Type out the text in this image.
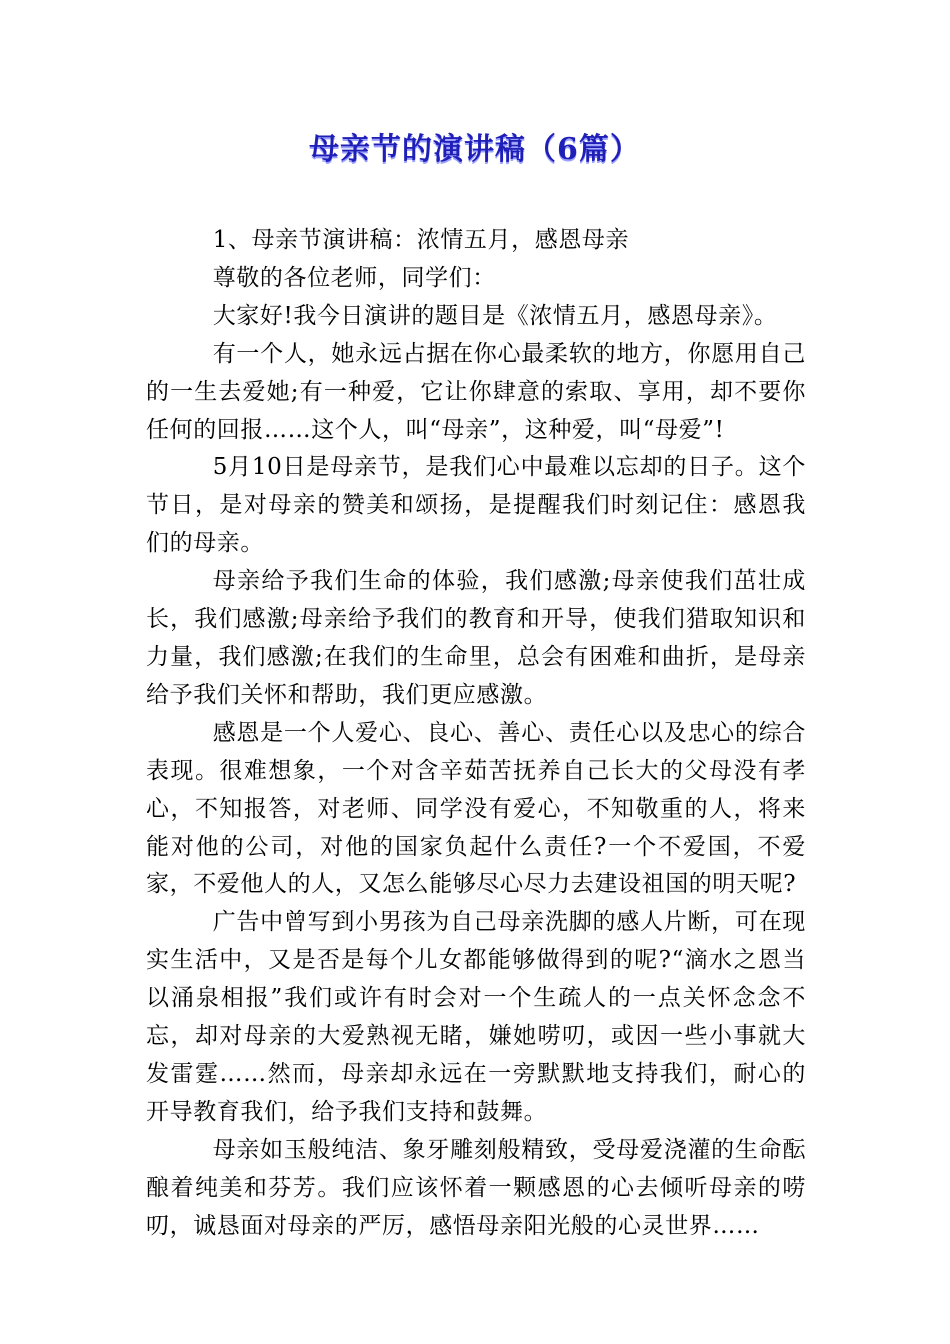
母亲节的演讲稿（6篇）

1、母亲节演讲稿：浓情五月，感恩母亲

尊敬的各位老师，同学们：

大家好!我今日演讲的题目是《浓情五月，感恩母亲》。

有一个人，她永远占据在你心最柔软的地方，你愿用自己的一生去爱她;有一种爱，它让你肆意的索取、享用，却不要你任何的回报……这个人，叫“母亲”，这种爱，叫“母爱”!

5月10日是母亲节，是我们心中最难以忘却的日子。这个节日，是对母亲的赞美和颂扬，是提醒我们时刻记住：感恩我们的母亲。

母亲给予我们生命的体验，我们感激;母亲使我们茁壮成长，我们感激;母亲给予我们的教育和开导，使我们猎取知识和力量，我们感激;在我们的生命里，总会有困难和曲折，是母亲给予我们关怀和帮助，我们更应感激。

感恩是一个人爱心、良心、善心、责任心以及忠心的综合表现。很难想象，一个对含辛茹苦抚养自己长大的父母没有孝心，不知报答，对老师、同学没有爱心，不知敬重的人，将来能对他的公司，对他的国家负起什么责任?一个不爱国，不爱家，不爱他人的人，又怎么能够尽心尽力去建设祖国的明天呢?

广告中曾写到小男孩为自己母亲洗脚的感人片断，可在现实生活中，又是否是每个儿女都能够做得到的呢?“滴水之恩当以涌泉相报”我们或许有时会对一个生疏人的一点关怀念念不忘，却对母亲的大爱熟视无睹，嫌她唠叨，或因一些小事就大发雷霆……然而，母亲却永远在一旁默默地支持我们，耐心的开导教育我们，给予我们支持和鼓舞。

母亲如玉般纯洁、象牙雕刻般精致，受母爱浇灌的生命酝酿着纯美和芬芳。我们应该怀着一颗感恩的心去倾听母亲的唠叨，诚恳面对母亲的严厉，感悟母亲阳光般的心灵世界……
